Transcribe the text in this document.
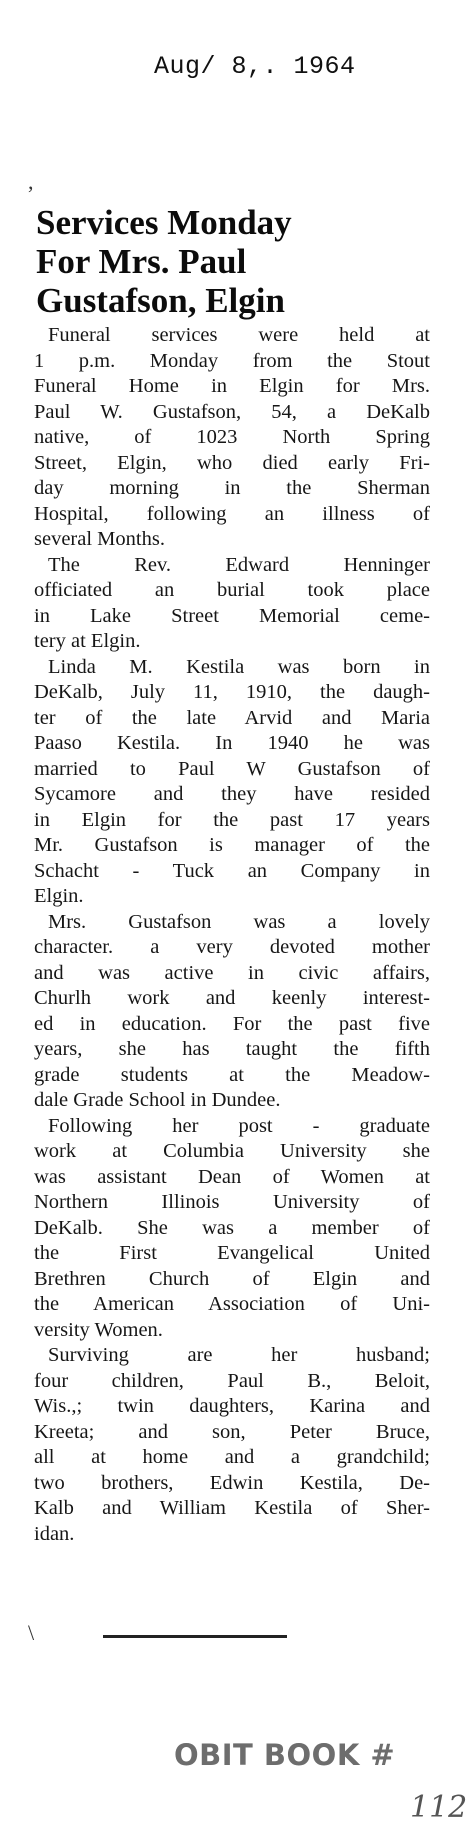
Aug/ 8,. 1964
,
\
Services Monday
For Mrs. Paul
Gustafson, Elgin
Funeral services were held at
1 p.m. Monday from the Stout
Funeral Home in Elgin for Mrs.
Paul W. Gustafson, 54, a DeKalb
native, of 1023 North Spring
Street, Elgin, who died early Fri-
day morning in the Sherman
Hospital, following an illness of
several Months.
The Rev. Edward Henninger
officiated an burial took place
in Lake Street Memorial ceme-
tery at Elgin.
Linda M. Kestila was born in
DeKalb, July 11, 1910, the daugh-
ter of the late Arvid and Maria
Paaso Kestila. In 1940 he was
married to Paul W Gustafson of
Sycamore and they have resided
in Elgin for the past 17 years
Mr. Gustafson is manager of the
Schacht - Tuck an Company in
Elgin.
Mrs. Gustafson was a lovely
character. a very devoted mother
and was active in civic affairs,
Churlh work and keenly interest-
ed in education. For the past five
years, she has taught the fifth
grade students at the Meadow-
dale Grade School in Dundee.
Following her post - graduate
work at Columbia University she
was assistant Dean of Women at
Northern Illinois University of
DeKalb. She was a member of
the First Evangelical United
Brethren Church of Elgin and
the American Association of Uni-
versity Women.
Surviving are her husband;
four children, Paul B., Beloit,
Wis.,; twin daughters, Karina and
Kreeta; and son, Peter Bruce,
all at home and a grandchild;
two brothers, Edwin Kestila, De-
Kalb and William Kestila of Sher-
idan.
OBIT BOOK #
112
